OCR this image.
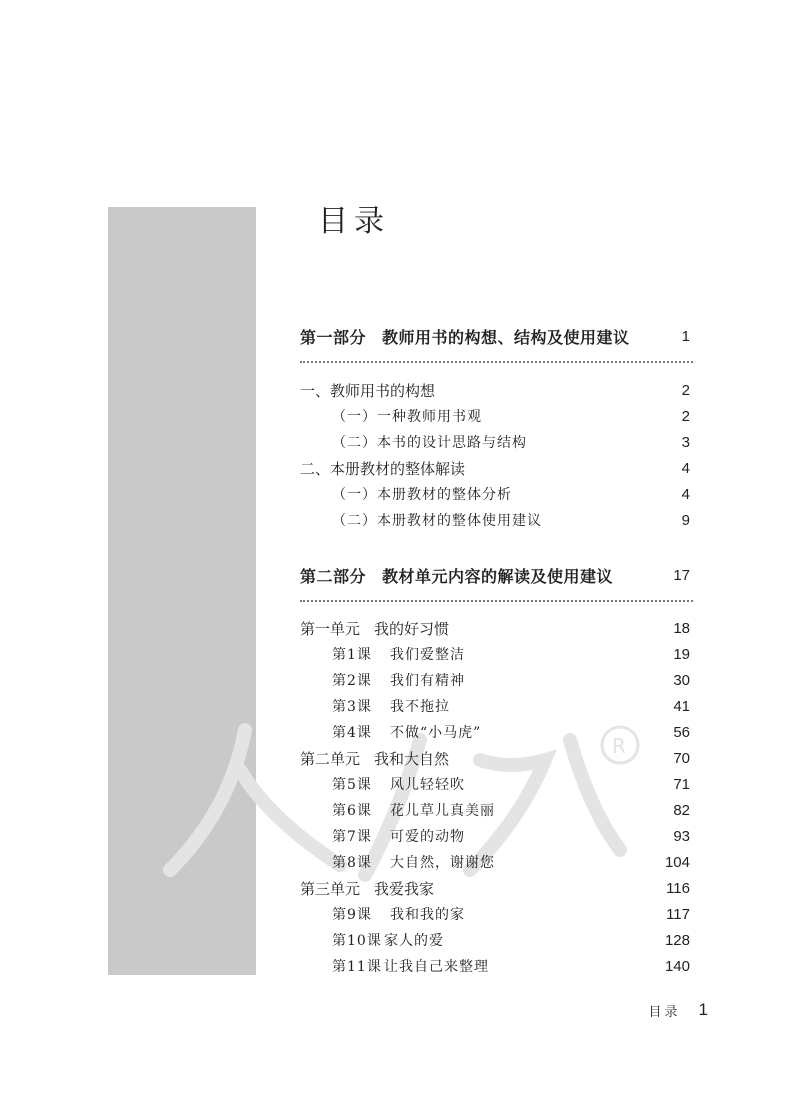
R
目录
第一部分 教师用书的构想、结构及使用建议	1
一、教师用书的构想	2
（一）一种教师用书观	2
（二）本书的设计思路与结构	3
二、本册教材的整体解读	4
（一）本册教材的整体分析	4
（二）本册教材的整体使用建议	9
第二部分 教材单元内容的解读及使用建议	17
第一单元 我的好习惯	18
第1课 我们爱整洁	19
第2课 我们有精神	30
第3课 我不拖拉	41
第4课 不做“小马虎”	56
第二单元 我和大自然	70
第5课 风儿轻轻吹	71
第6课 花儿草儿真美丽	82
第7课 可爱的动物	93
第8课 大自然，谢谢您	104
第三单元 我爱我家	116
第9课 我和我的家	117
第10课 家人的爱	128
第11课 让我自己来整理	140
目录 1
